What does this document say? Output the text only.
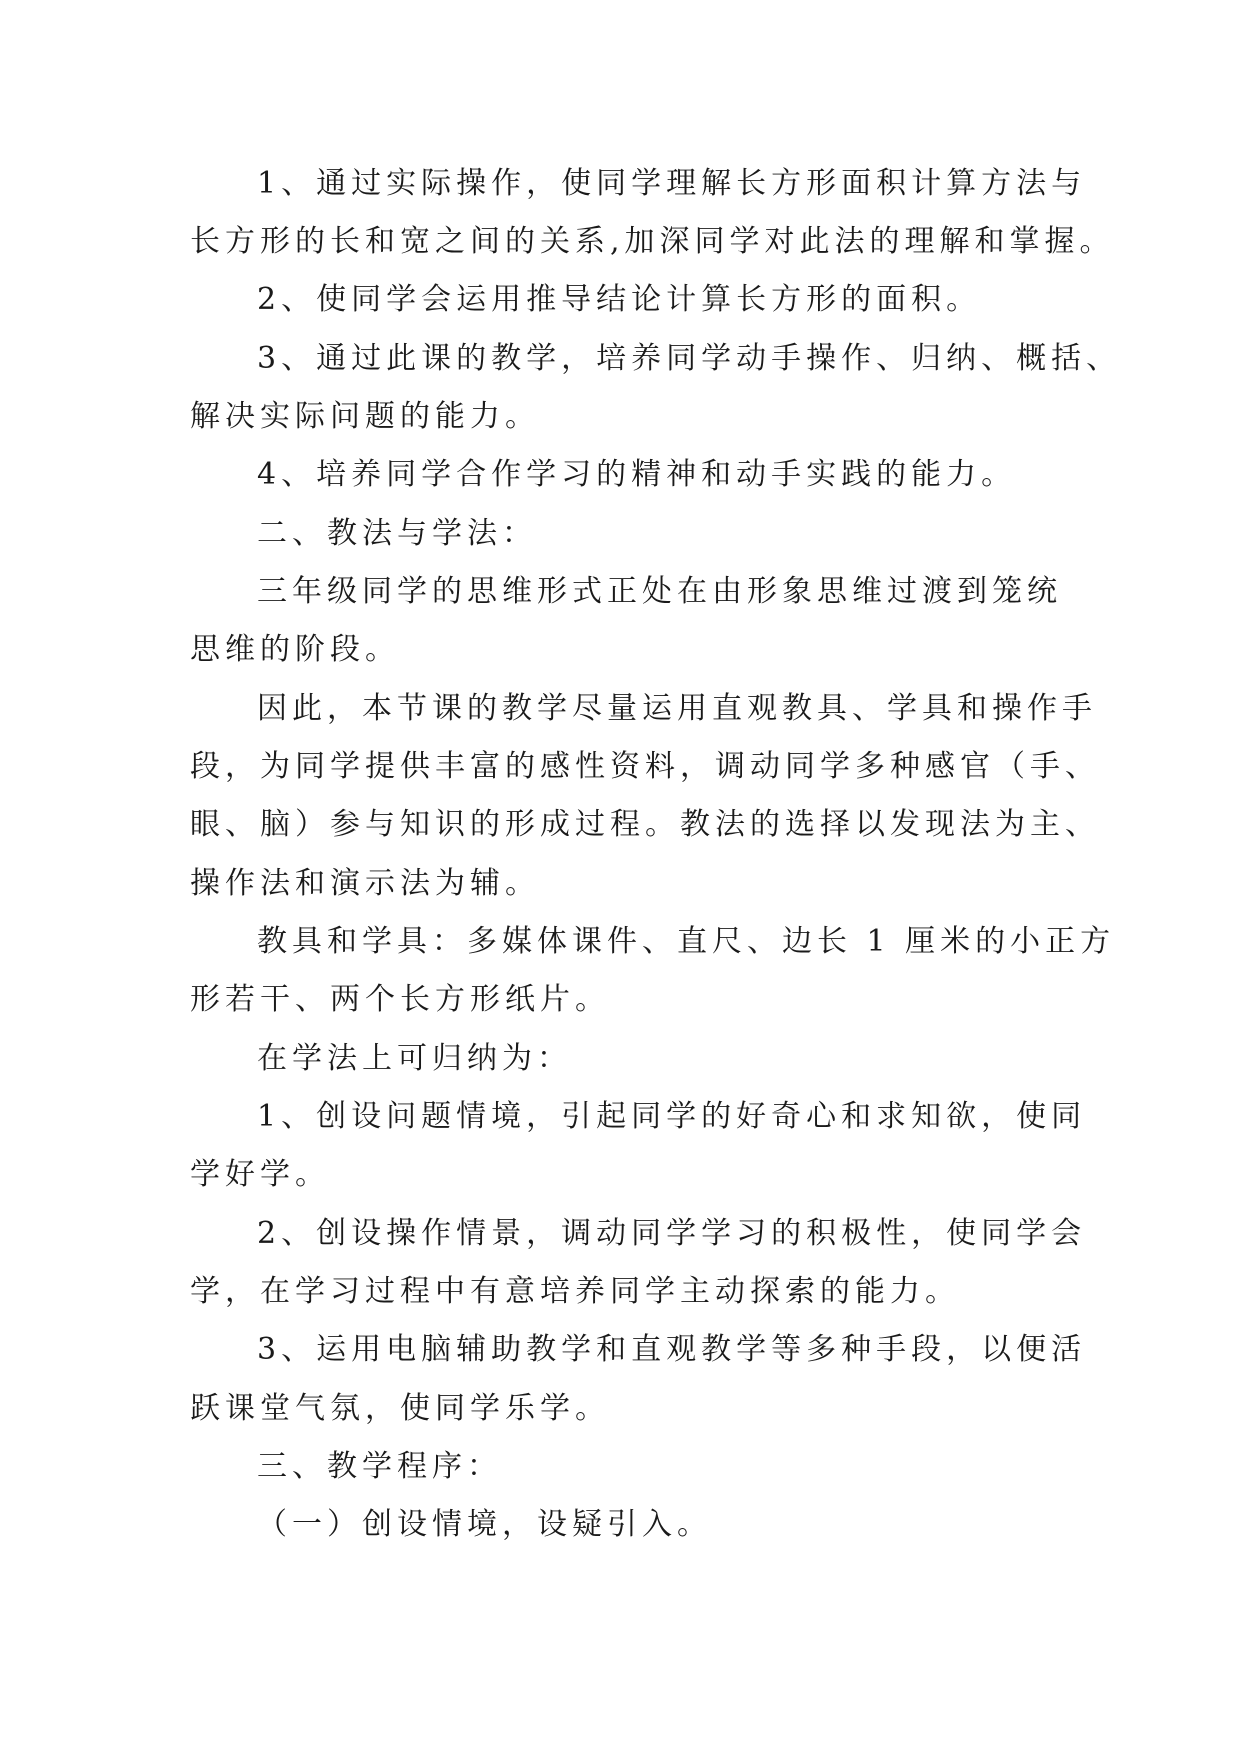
1、通过实际操作，使同学理解长方形面积计算方法与
长方形的长和宽之间的关系,加深同学对此法的理解和掌握。
2、使同学会运用推导结论计算长方形的面积。
3、通过此课的教学，培养同学动手操作、归纳、概括、
解决实际问题的能力。
4、培养同学合作学习的精神和动手实践的能力。
二、教法与学法：
三年级同学的思维形式正处在由形象思维过渡到笼统
思维的阶段。
因此，本节课的教学尽量运用直观教具、学具和操作手
段，为同学提供丰富的感性资料，调动同学多种感官（手、
眼、脑）参与知识的形成过程。教法的选择以发现法为主、
操作法和演示法为辅。
教具和学具：多媒体课件、直尺、边长 1 厘米的小正方
形若干、两个长方形纸片。
在学法上可归纳为：
1、创设问题情境，引起同学的好奇心和求知欲，使同
学好学。
2、创设操作情景，调动同学学习的积极性，使同学会
学，在学习过程中有意培养同学主动探索的能力。
3、运用电脑辅助教学和直观教学等多种手段，以便活
跃课堂气氛，使同学乐学。
三、教学程序：
（一）创设情境，设疑引入。
